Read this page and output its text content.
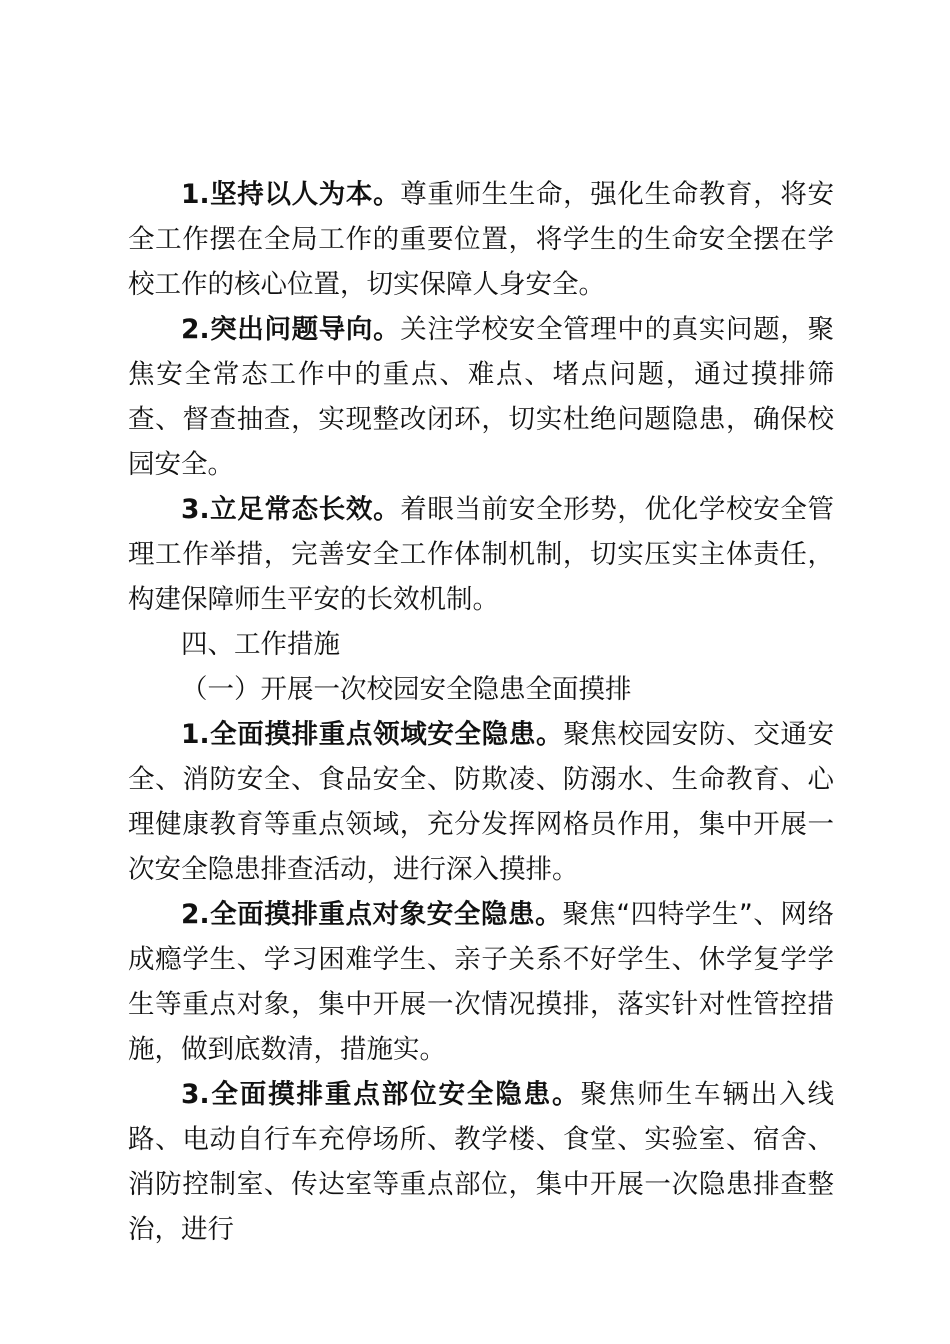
1.坚持以人为本。尊重师生生命，强化生命教育，将安全工作摆在全局工作的重要位置，将学生的生命安全摆在学校工作的核心位置，切实保障人身安全。

2.突出问题导向。关注学校安全管理中的真实问题，聚焦安全常态工作中的重点、难点、堵点问题，通过摸排筛查、督查抽查，实现整改闭环，切实杜绝问题隐患，确保校园安全。

3.立足常态长效。着眼当前安全形势，优化学校安全管理工作举措，完善安全工作体制机制，切实压实主体责任，构建保障师生平安的长效机制。

四、工作措施

（一）开展一次校园安全隐患全面摸排

1.全面摸排重点领域安全隐患。聚焦校园安防、交通安全、消防安全、食品安全、防欺凌、防溺水、生命教育、心理健康教育等重点领域，充分发挥网格员作用，集中开展一次安全隐患排查活动，进行深入摸排。

2.全面摸排重点对象安全隐患。聚焦“四特学生”、网络成瘾学生、学习困难学生、亲子关系不好学生、休学复学学生等重点对象，集中开展一次情况摸排，落实针对性管控措施，做到底数清，措施实。

3.全面摸排重点部位安全隐患。聚焦师生车辆出入线路、电动自行车充停场所、教学楼、食堂、实验室、宿舍、消防控制室、传达室等重点部位，集中开展一次隐患排查整治，进行
